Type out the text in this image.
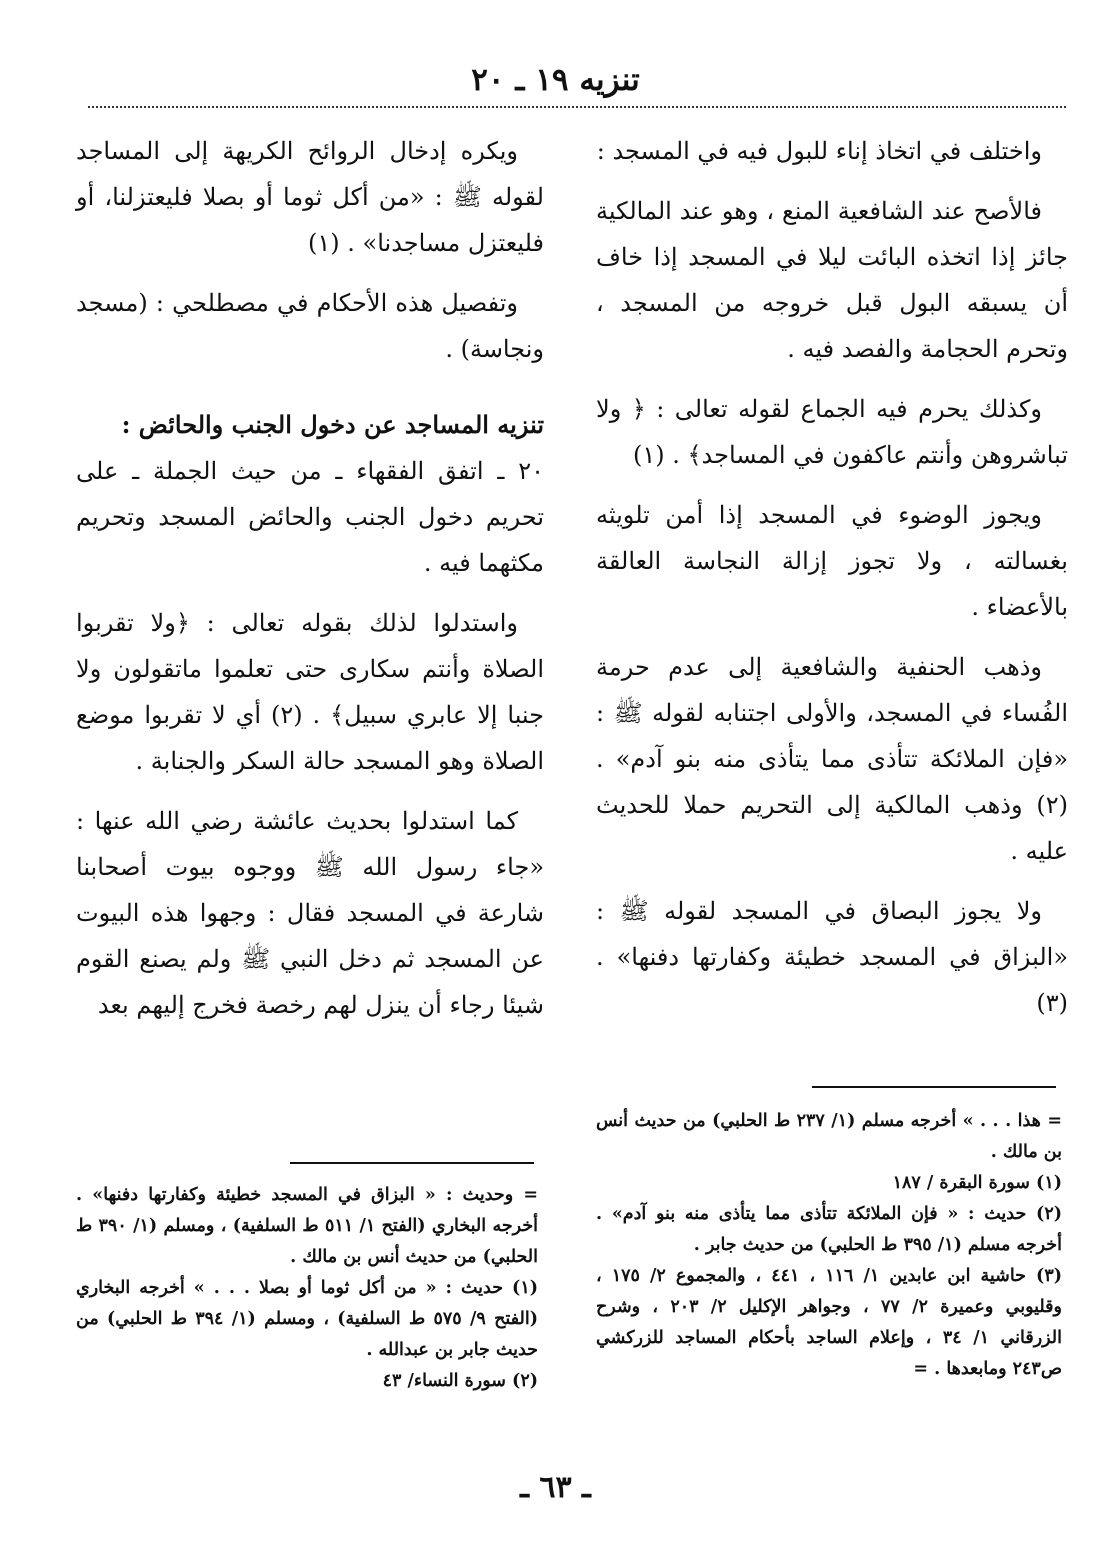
تنزيه ١٩ ـ ٢٠

واختلف في اتخاذ إناء للبول فيه في المسجد :

فالأصح عند الشافعية المنع ، وهو عند المالكية جائز إذا اتخذه البائت ليلا في المسجد إذا خاف أن يسبقه البول قبل خروجه من المسجد ، وتحرم الحجامة والفصد فيه .

وكذلك يحرم فيه الجماع لقوله تعالى : ﴿ ولا تباشروهن وأنتم عاكفون في المساجد﴾ . (١)

ويجوز الوضوء في المسجد إذا أمن تلويثه بغسالته ، ولا تجوز إزالة النجاسة العالقة بالأعضاء .

وذهب الحنفية والشافعية إلى عدم حرمة الفُساء في المسجد، والأولى اجتنابه لقوله ﷺ : «فإن الملائكة تتأذى مما يتأذى منه بنو آدم» . (٢) وذهب المالكية إلى التحريم حملا للحديث عليه .

ولا يجوز البصاق في المسجد لقوله ﷺ : «البزاق في المسجد خطيئة وكفارتها دفنها» . (٣)

ويكره إدخال الروائح الكريهة إلى المساجد لقوله ﷺ : «من أكل ثوما أو بصلا فليعتزلنا، أو فليعتزل مساجدنا» . (١)

وتفصيل هذه الأحكام في مصطلحي : (مسجد ونجاسة) .

تنزيه المساجد عن دخول الجنب والحائض :

٢٠ ـ اتفق الفقهاء ـ من حيث الجملة ـ على تحريم دخول الجنب والحائض المسجد وتحريم مكثهما فيه .

واستدلوا لذلك بقوله تعالى : ﴿ولا تقربوا الصلاة وأنتم سكارى حتى تعلموا ماتقولون ولا جنبا إلا عابري سبيل﴾ . (٢) أي لا تقربوا موضع الصلاة وهو المسجد حالة السكر والجنابة .

كما استدلوا بحديث عائشة رضي الله عنها : «جاء رسول الله ﷺ ووجوه بيوت أصحابنا شارعة في المسجد فقال : وجهوا هذه البيوت عن المسجد ثم دخل النبي ﷺ ولم يصنع القوم شيئا رجاء أن ينزل لهم رخصة فخرج إليهم بعد

= هذا . . . » أخرجه مسلم (١/ ٢٣٧ ط الحلبي) من حديث أنس بن مالك .

(١) سورة البقرة / ١٨٧

(٢) حديث : « فإن الملائكة تتأذى مما يتأذى منه بنو آدم» . أخرجه مسلم (١/ ٣٩٥ ط الحلبي) من حديث جابر .

(٣) حاشية ابن عابدين ١/ ١١٦ ، ٤٤١ ، والمجموع ٢/ ١٧٥ ، وقليوبي وعميرة ٢/ ٧٧ ، وجواهر الإكليل ٢/ ٢٠٣ ، وشرح الزرقاني ١/ ٣٤ ، وإعلام الساجد بأحكام المساجد للزركشي ص٢٤٣ ومابعدها . =

= وحديث : « البزاق في المسجد خطيئة وكفارتها دفنها» . أخرجه البخاري (الفتح ١/ ٥١١ ط السلفية) ، ومسلم (١/ ٣٩٠ ط الحلبي) من حديث أنس بن مالك .

(١) حديث : « من أكل ثوما أو بصلا . . . » أخرجه البخاري (الفتح ٩/ ٥٧٥ ط السلفية) ، ومسلم (١/ ٣٩٤ ط الحلبي) من حديث جابر بن عبدالله .

(٢) سورة النساء/ ٤٣

ـ ٦٣ ـ
